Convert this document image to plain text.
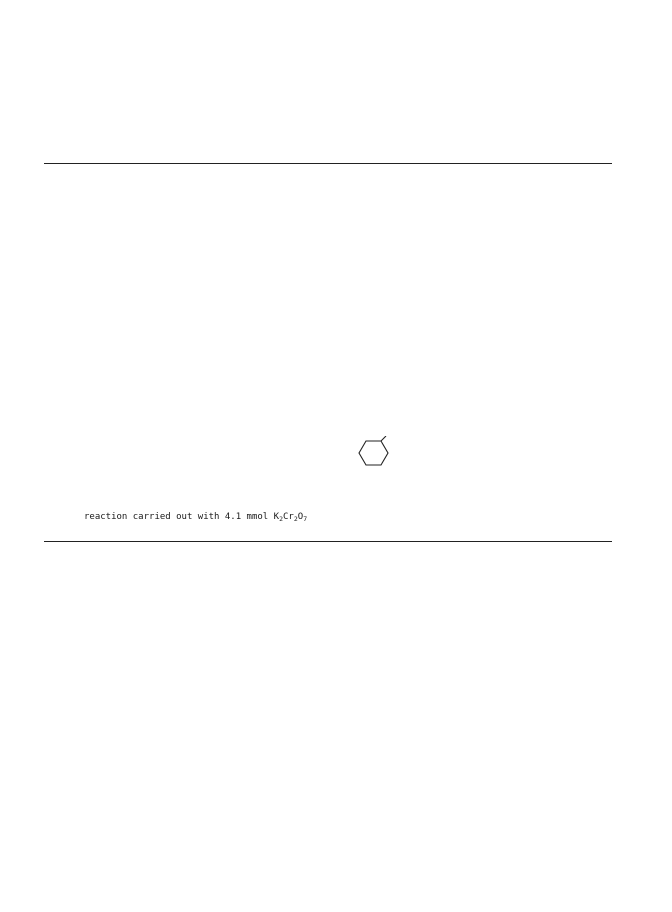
reaction carried out with 4.1 mmol $K_2Cr_2O_7$
